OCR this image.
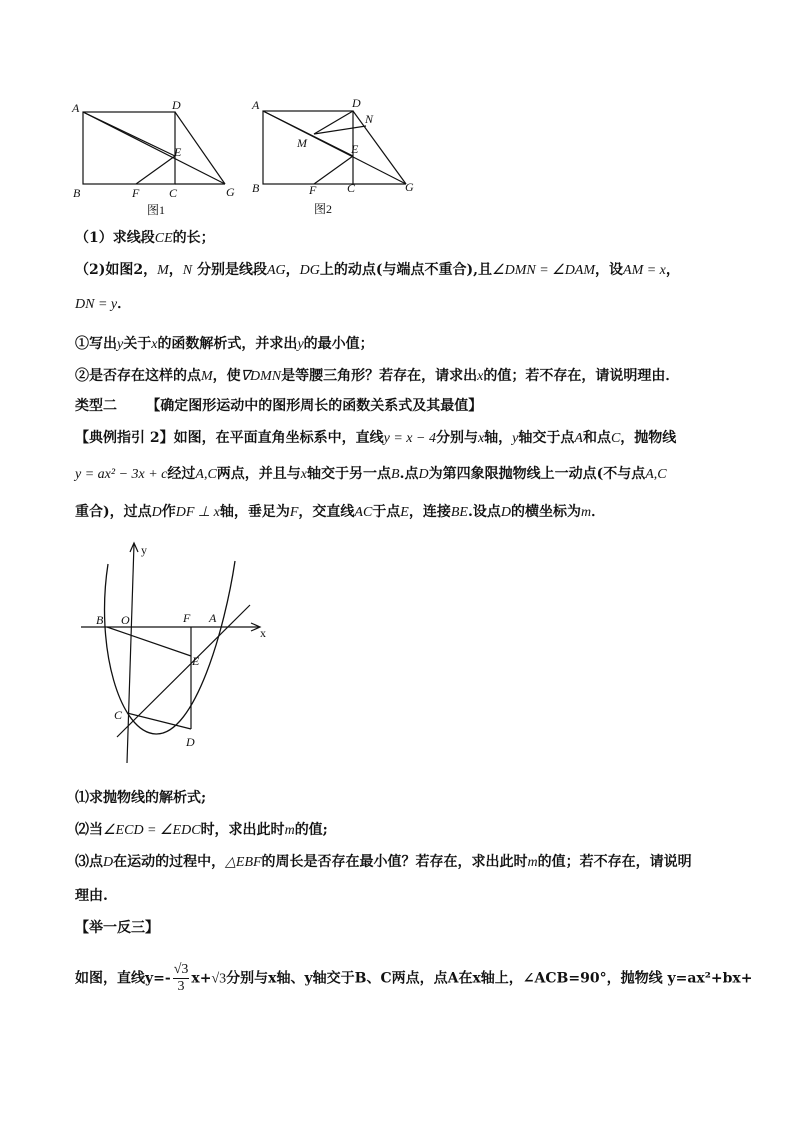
A	D
E
B	F C	G
图1
A	D
N
M	E
B	F	C	G
图2
（1）求线段CE的长；
（2)如图2，M，N 分别是线段AG，DG上的动点(与端点不重合),且∠DMN = ∠DAM，设AM = x，
DN = y．
①写出y关于x的函数解析式，并求出y的最小值；
②是否存在这样的点M，使∇DMN是等腰三角形？若存在，请求出x的值；若不存在，请说明理由．
类型二 【确定图形运动中的图形周长的函数关系式及其最值】
【典例指引 2】如图，在平面直角坐标系中，直线y = x − 4分别与x轴，y轴交于点A和点C，抛物线
y = ax² − 3x + c经过A,C两点，并且与x轴交于另一点B.点D为第四象限抛物线上一动点(不与点A,C
重合)，过点D作DF ⊥ x轴，垂足为F，交直线AC于点E，连接BE.设点D的横坐标为m．
y
x
B O	F A
E
C
D
⑴求抛物线的解析式;
⑵当∠ECD = ∠EDC时，求出此时m的值;
⑶点D在运动的过程中，△EBF的周长是否存在最小值？若存在，求出此时m的值；若不存在，请说明
理由.
【举一反三】
如图，直线$y=- \frac{√3}{3} x+√3$分别与x轴、y轴交于B、C两点，点A在x轴上，∠ACB=90°，抛物线 y=ax²+bx+
